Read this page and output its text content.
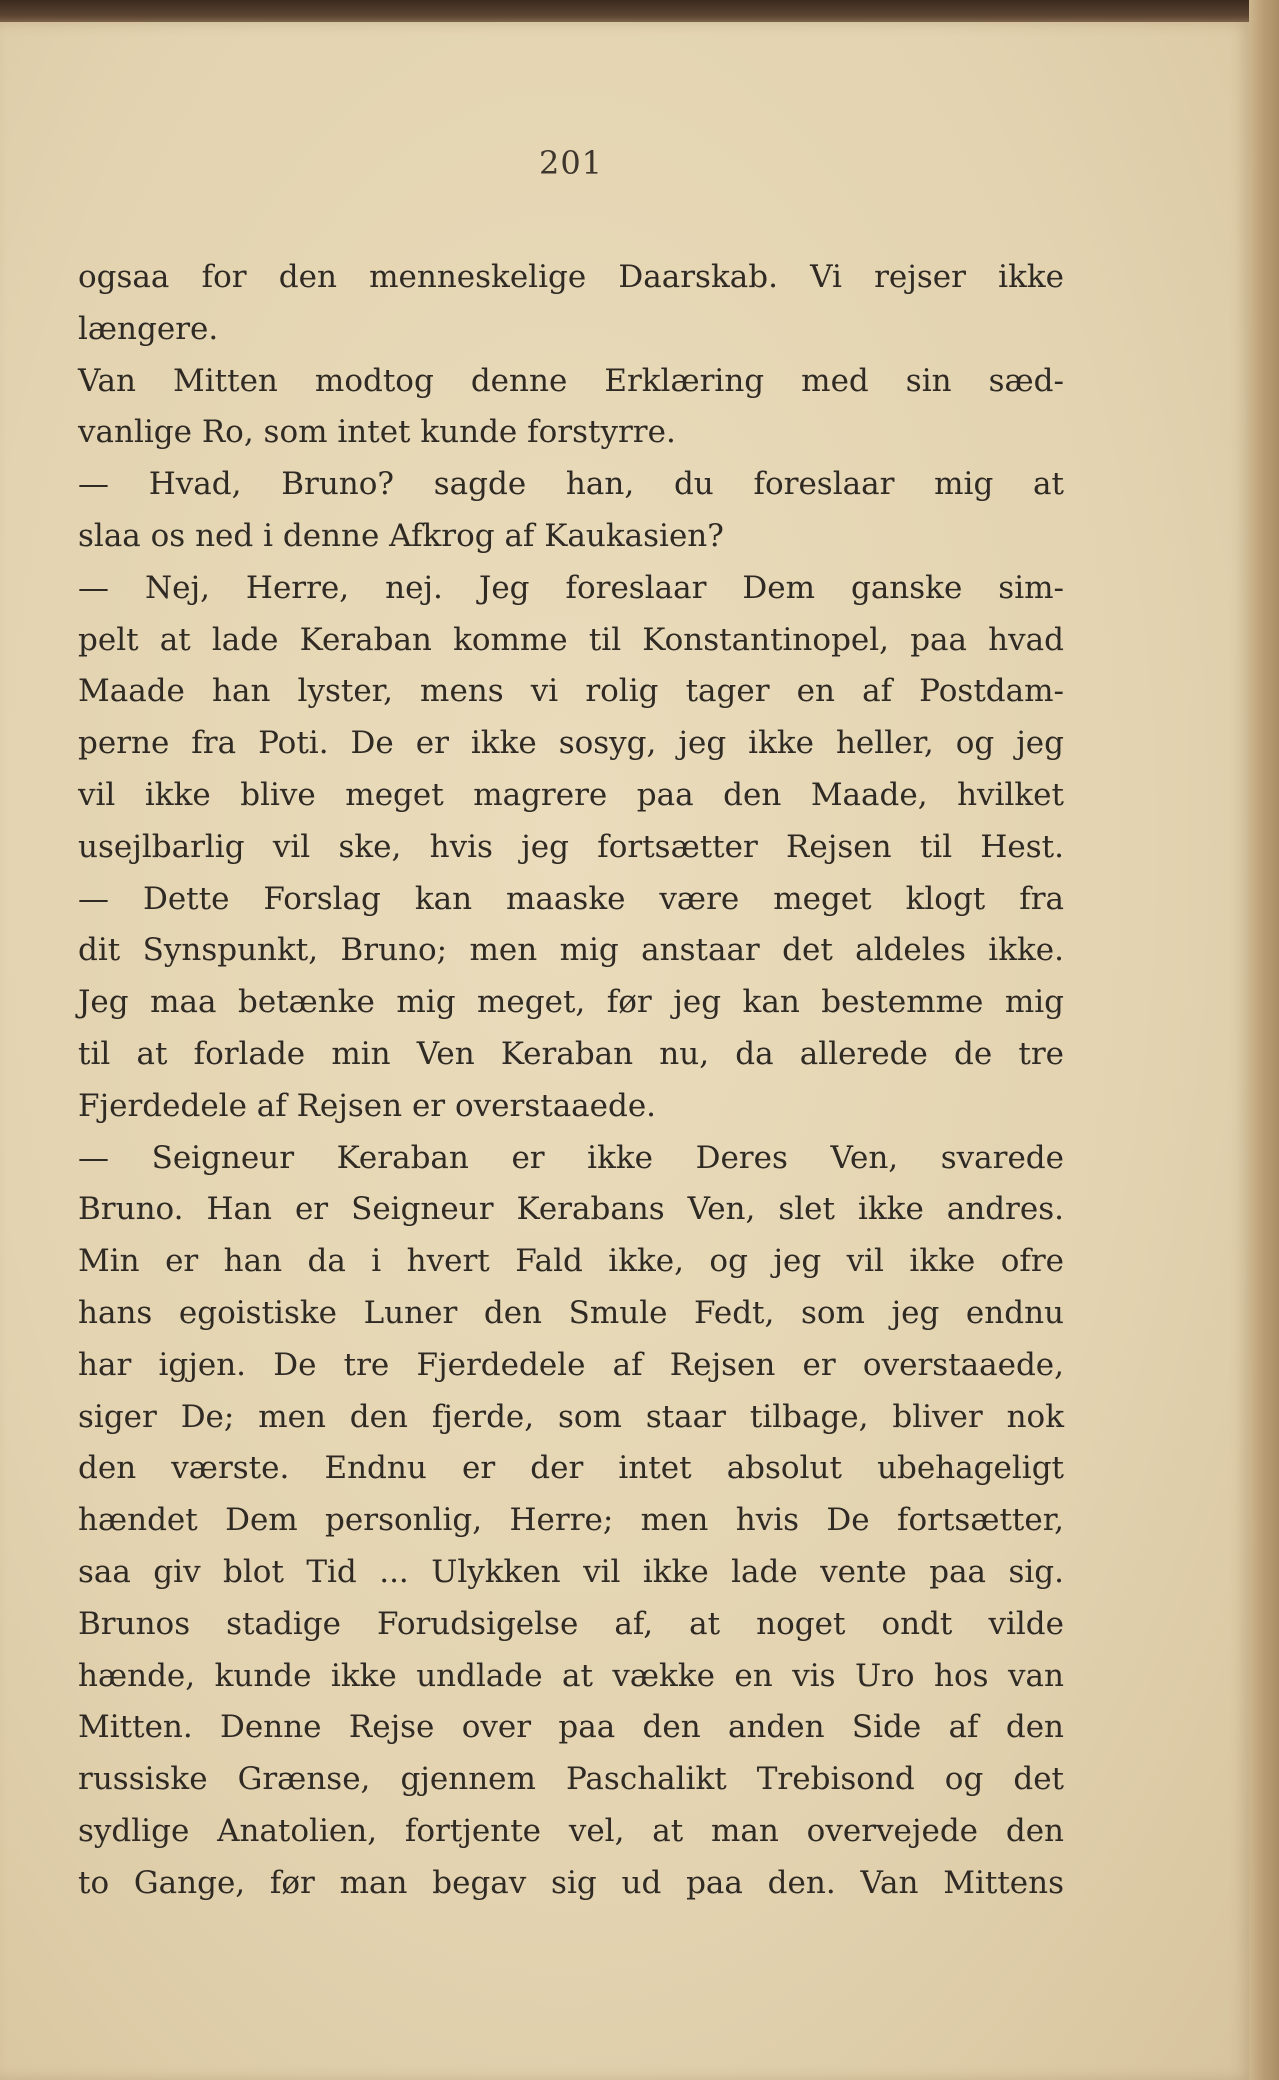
201
ogsaa for den menneskelige Daarskab. Vi rejser ikke
længere.
Van Mitten modtog denne Erklæring med sin sæd-
vanlige Ro, som intet kunde forstyrre.
— Hvad, Bruno? sagde han, du foreslaar mig at
slaa os ned i denne Afkrog af Kaukasien?
— Nej, Herre, nej. Jeg foreslaar Dem ganske sim-
pelt at lade Keraban komme til Konstantinopel, paa hvad
Maade han lyster, mens vi rolig tager en af Postdam-
perne fra Poti. De er ikke sosyg, jeg ikke heller, og jeg
vil ikke blive meget magrere paa den Maade, hvilket
usejlbarlig vil ske, hvis jeg fortsætter Rejsen til Hest.
— Dette Forslag kan maaske være meget klogt fra
dit Synspunkt, Bruno; men mig anstaar det aldeles ikke.
Jeg maa betænke mig meget, før jeg kan bestemme mig
til at forlade min Ven Keraban nu, da allerede de tre
Fjerdedele af Rejsen er overstaaede.
— Seigneur Keraban er ikke Deres Ven, svarede
Bruno. Han er Seigneur Kerabans Ven, slet ikke andres.
Min er han da i hvert Fald ikke, og jeg vil ikke ofre
hans egoistiske Luner den Smule Fedt, som jeg endnu
har igjen. De tre Fjerdedele af Rejsen er overstaaede,
siger De; men den fjerde, som staar tilbage, bliver nok
den værste. Endnu er der intet absolut ubehageligt
hændet Dem personlig, Herre; men hvis De fortsætter,
saa giv blot Tid ... Ulykken vil ikke lade vente paa sig.
Brunos stadige Forudsigelse af, at noget ondt vilde
hænde, kunde ikke undlade at vække en vis Uro hos van
Mitten. Denne Rejse over paa den anden Side af den
russiske Grænse, gjennem Paschalikt Trebisond og det
sydlige Anatolien, fortjente vel, at man overvejede den
to Gange, før man begav sig ud paa den. Van Mittens
